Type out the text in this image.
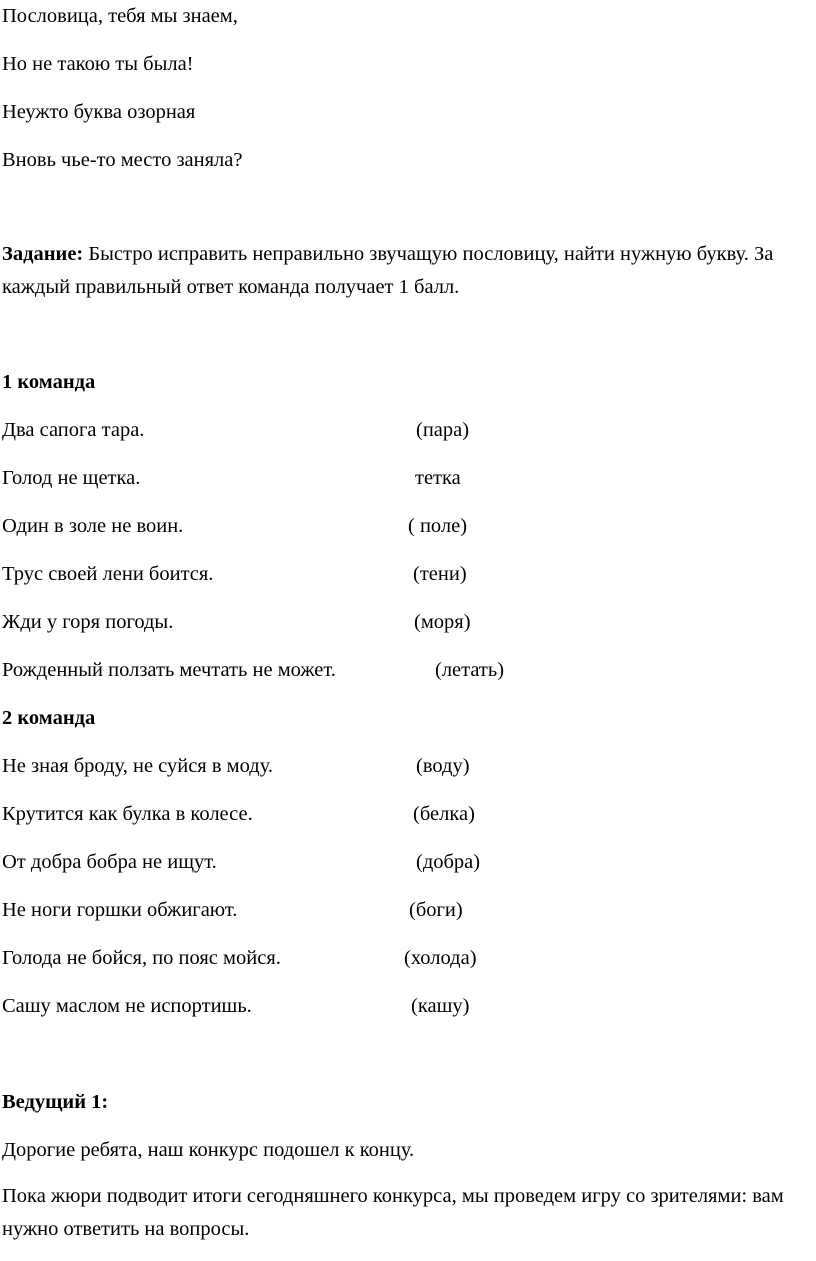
Пословица, тебя мы знаем,
Но не такою ты была!
Неужто буква озорная
Вновь чье-то место заняла?
Задание: Быстро исправить неправильно звучащую пословицу, найти нужную букву. За каждый правильный ответ команда получает 1 балл.
1 команда
Два сапога тара.	(пара)
Голод не щетка.	тетка
Один в золе не воин.	( поле)
Трус своей лени боится.	(тени)
Жди у горя погоды.	(моря)
Рожденный ползать мечтать не может.	(летать)
2 команда
Не зная броду, не суйся в моду.	(воду)
Крутится как булка в колесе.	(белка)
От добра бобра не ищут.	(добра)
Не ноги горшки обжигают.	(боги)
Голода не бойся, по пояс мойся.	(холода)
Сашу маслом не испортишь.	(кашу)
Ведущий 1:
Дорогие ребята, наш конкурс подошел к концу.
Пока жюри подводит итоги сегодняшнего конкурса, мы проведем игру со зрителями: вам нужно ответить на вопросы.
